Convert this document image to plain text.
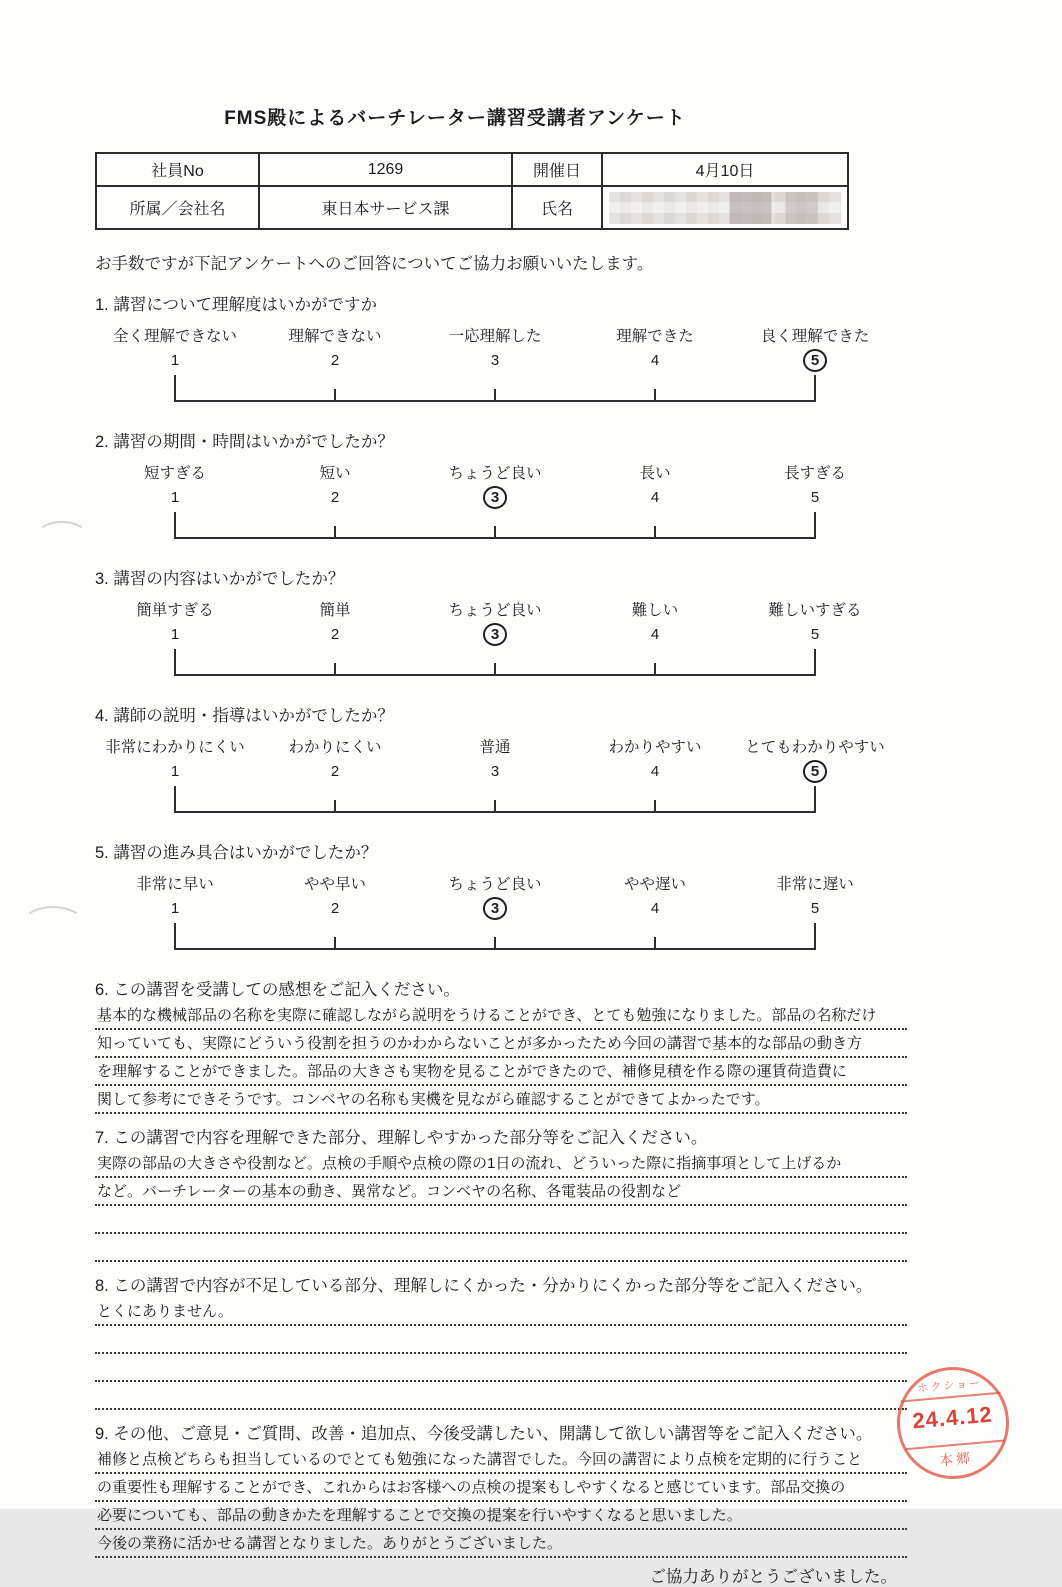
FMS殿によるバーチレーター講習受講者アンケート
社員No	1269	開催日	4月10日
所属／会社名	東日本サービス課	氏名	
お手数ですが下記アンケートへのご回答についてご協力お願いいたします。
1. 講習について理解度はいかがですか
全く理解できない
1
理解できない
2
一応理解した
3
理解できた
4
良く理解できた
5
2. 講習の期間・時間はいかがでしたか？
短すぎる
1
短い
2
ちょうど良い
3
長い
4
長すぎる
5
3. 講習の内容はいかがでしたか？
簡単すぎる
1
簡単
2
ちょうど良い
3
難しい
4
難しいすぎる
5
4. 講師の説明・指導はいかがでしたか？
非常にわかりにくい
1
わかりにくい
2
普通
3
わかりやすい
4
とてもわかりやすい
5
5. 講習の進み具合はいかがでしたか？
非常に早い
1
やや早い
2
ちょうど良い
3
やや遅い
4
非常に遅い
5
6. この講習を受講しての感想をご記入ください。
基本的な機械部品の名称を実際に確認しながら説明をうけることができ、とても勉強になりました。部品の名称だけ
知っていても、実際にどういう役割を担うのかわからないことが多かったため今回の講習で基本的な部品の動き方
を理解することができました。部品の大きさも実物を見ることができたので、補修見積を作る際の運賃荷造費に
関して参考にできそうです。コンベヤの名称も実機を見ながら確認することができてよかったです。
7. この講習で内容を理解できた部分、理解しやすかった部分等をご記入ください。
実際の部品の大きさや役割など。点検の手順や点検の際の1日の流れ、どういった際に指摘事項として上げるか
など。バーチレーターの基本の動き、異常など。コンベヤの名称、各電装品の役割など
8. この講習で内容が不足している部分、理解しにくかった・分かりにくかった部分等をご記入ください。
とくにありません。
9. その他、ご意見・ご質問、改善・追加点、今後受講したい、開講して欲しい講習等をご記入ください。
補修と点検どちらも担当しているのでとても勉強になった講習でした。今回の講習により点検を定期的に行うこと
の重要性も理解することができ、これからはお客様への点検の提案もしやすくなると感じています。部品交換の
必要についても、部品の動きかたを理解することで交換の提案を行いやすくなると思いました。
今後の業務に活かせる講習となりました。ありがとうございました。
ご協力ありがとうございました。
ホクショー
24.4.12
本郷
